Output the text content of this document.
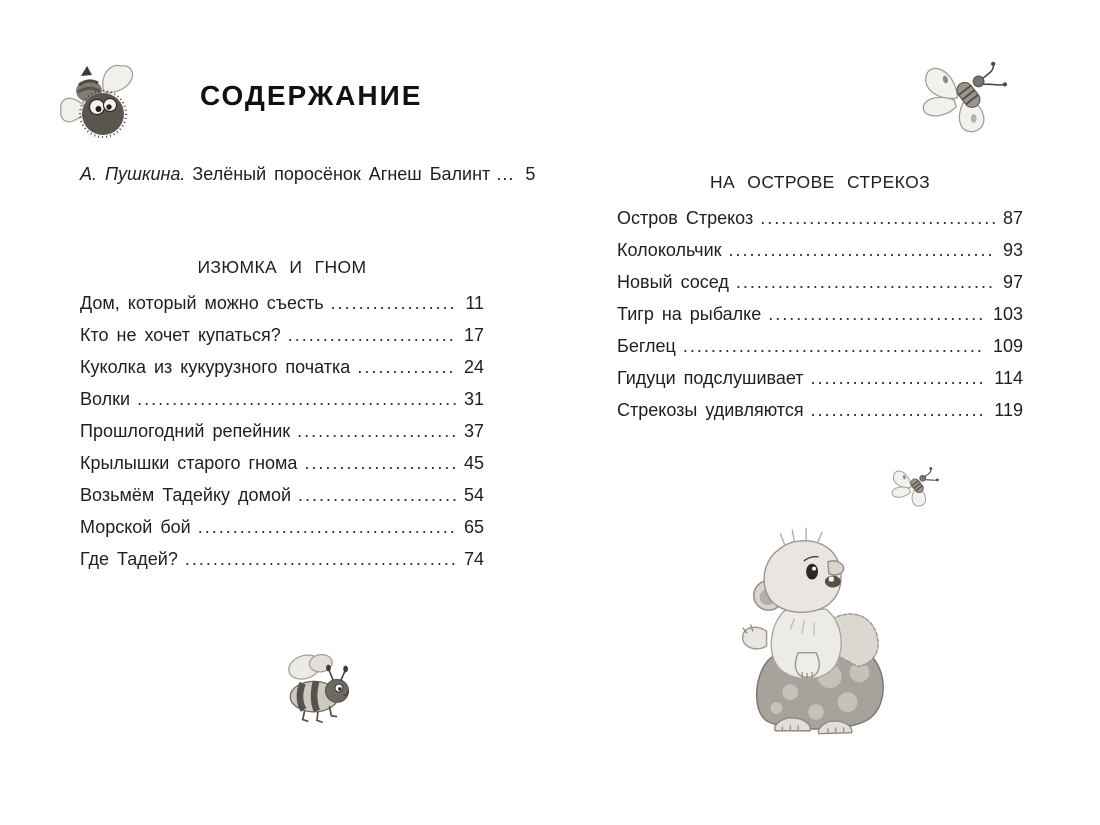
СОДЕРЖАНИЕ
А. Пушкина. Зелёный поросёнок Агнеш Балинт ... 5
ИЗЮМКА И ГНОМ
Дом, который можно съесть .....	11
Кто не хочет купаться? .....	17
Куколка из кукурузного початка .....	24
Волки .....	31
Прошлогодний репейник .....	37
Крылышки старого гнома .....	45
Возьмём Тадейку домой .....	54
Морской бой .....	65
Где Тадей? .....	74
НА ОСТРОВЕ СТРЕКОЗ
Остров Стрекоз .....	87
Колокольчик .....	93
Новый сосед .....	97
Тигр на рыбалке .....	103
Беглец .....	109
Гидуци подслушивает .....	114
Стрекозы удивляются .....	119
